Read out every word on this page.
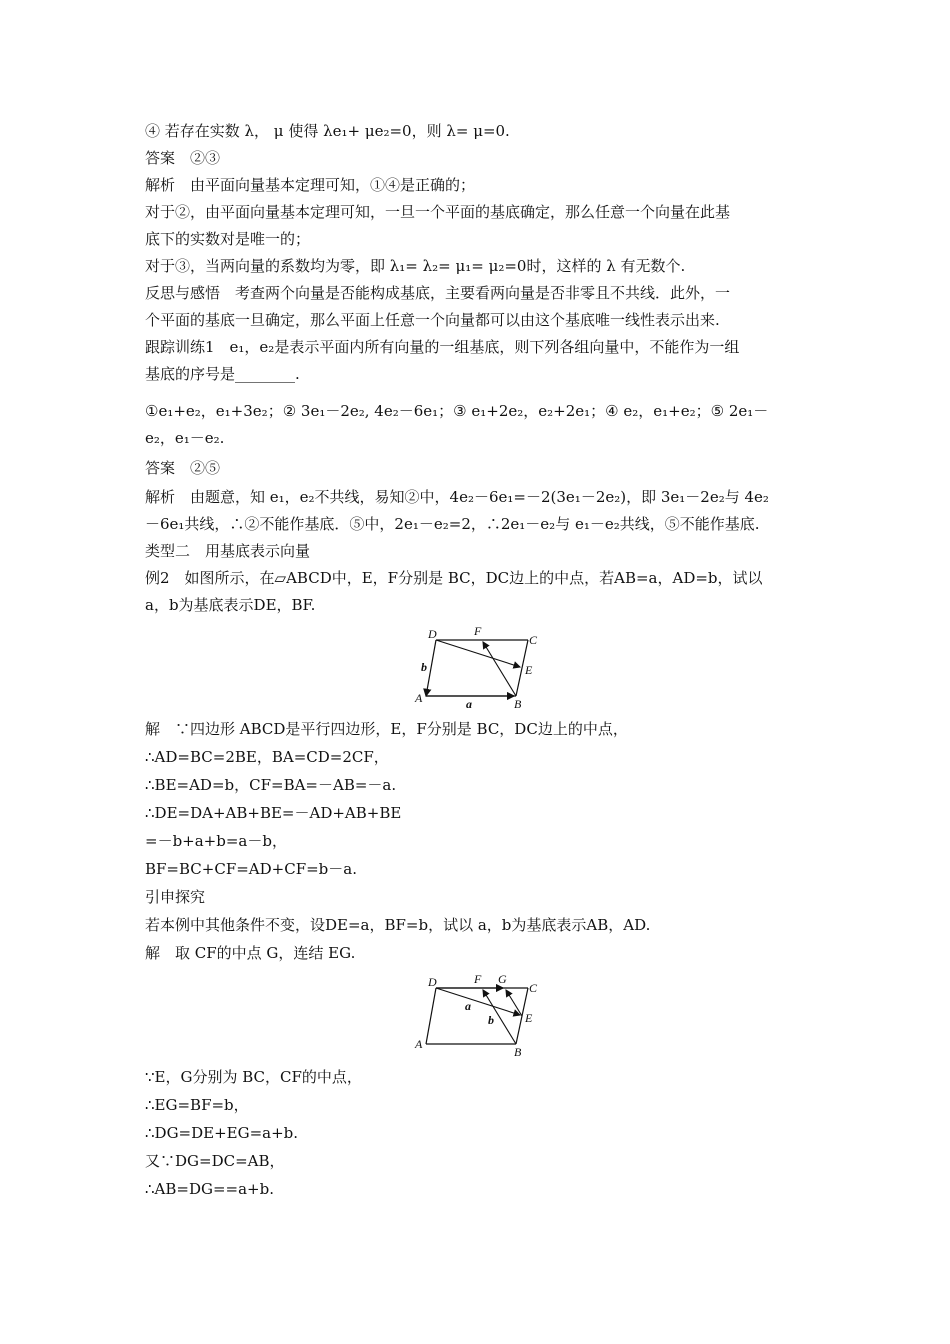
④ 若存在实数 λ， μ 使得 λe₁+ μe₂=0，则 λ= μ=0.
答案　②③
解析　由平面向量基本定理可知，①④是正确的；
对于②，由平面向量基本定理可知，一旦一个平面的基底确定，那么任意一个向量在此基
底下的实数对是唯一的；
对于③，当两向量的系数均为零，即 λ₁= λ₂= μ₁= μ₂=0时，这样的 λ 有无数个.
反思与感悟　考查两个向量是否能构成基底，主要看两向量是否非零且不共线．此外，一
个平面的基底一旦确定，那么平面上任意一个向量都可以由这个基底唯一线性表示出来.
跟踪训练1　e₁，e₂是表示平面内所有向量的一组基底，则下列各组向量中，不能作为一组
基底的序号是________.
①e₁+e₂，e₁+3e₂；② 3e₁－2e₂, 4e₂－6e₁；③ e₁+2e₂，e₂+2e₁；④ e₂，e₁+e₂；⑤ 2e₁－
e₂，e₁－e₂.
答案　②⑤
解析　由题意，知 e₁，e₂不共线，易知②中，4e₂－6e₁=－2(3e₁－2e₂)，即 3e₁－2e₂与 4e₂
－6e₁共线，∴②不能作基底．⑤中，2e₁－e₂=2，∴2e₁－e₂与 e₁－e₂共线，⑤不能作基底.
类型二　用基底表示向量
例2　如图所示，在▱ABCD中，E，F分别是 BC，DC边上的中点，若AB=a，AD=b，试以
a，b为基底表示DE，BF.
D	F
C
E
A	B
b
a
解　∵四边形 ABCD是平行四边形，E，F分别是 BC，DC边上的中点，
∴AD=BC=2BE，BA=CD=2CF，
∴BE=AD=b，CF=BA=－AB=－a.
∴DE=DA+AB+BE=－AD+AB+BE
=－b+a+b=a－b，
BF=BC+CF=AD+CF=b－a.
引申探究
若本例中其他条件不变，设DE=a，BF=b，试以 a，b为基底表示AB，AD.
解　取 CF的中点 G，连结 EG.
D	F G
C
E
A
B
a
b
∵E，G分别为 BC，CF的中点，
∴EG=BF=b，
∴DG=DE+EG=a+b.
又∵DG=DC=AB，
∴AB=DG==a+b.
